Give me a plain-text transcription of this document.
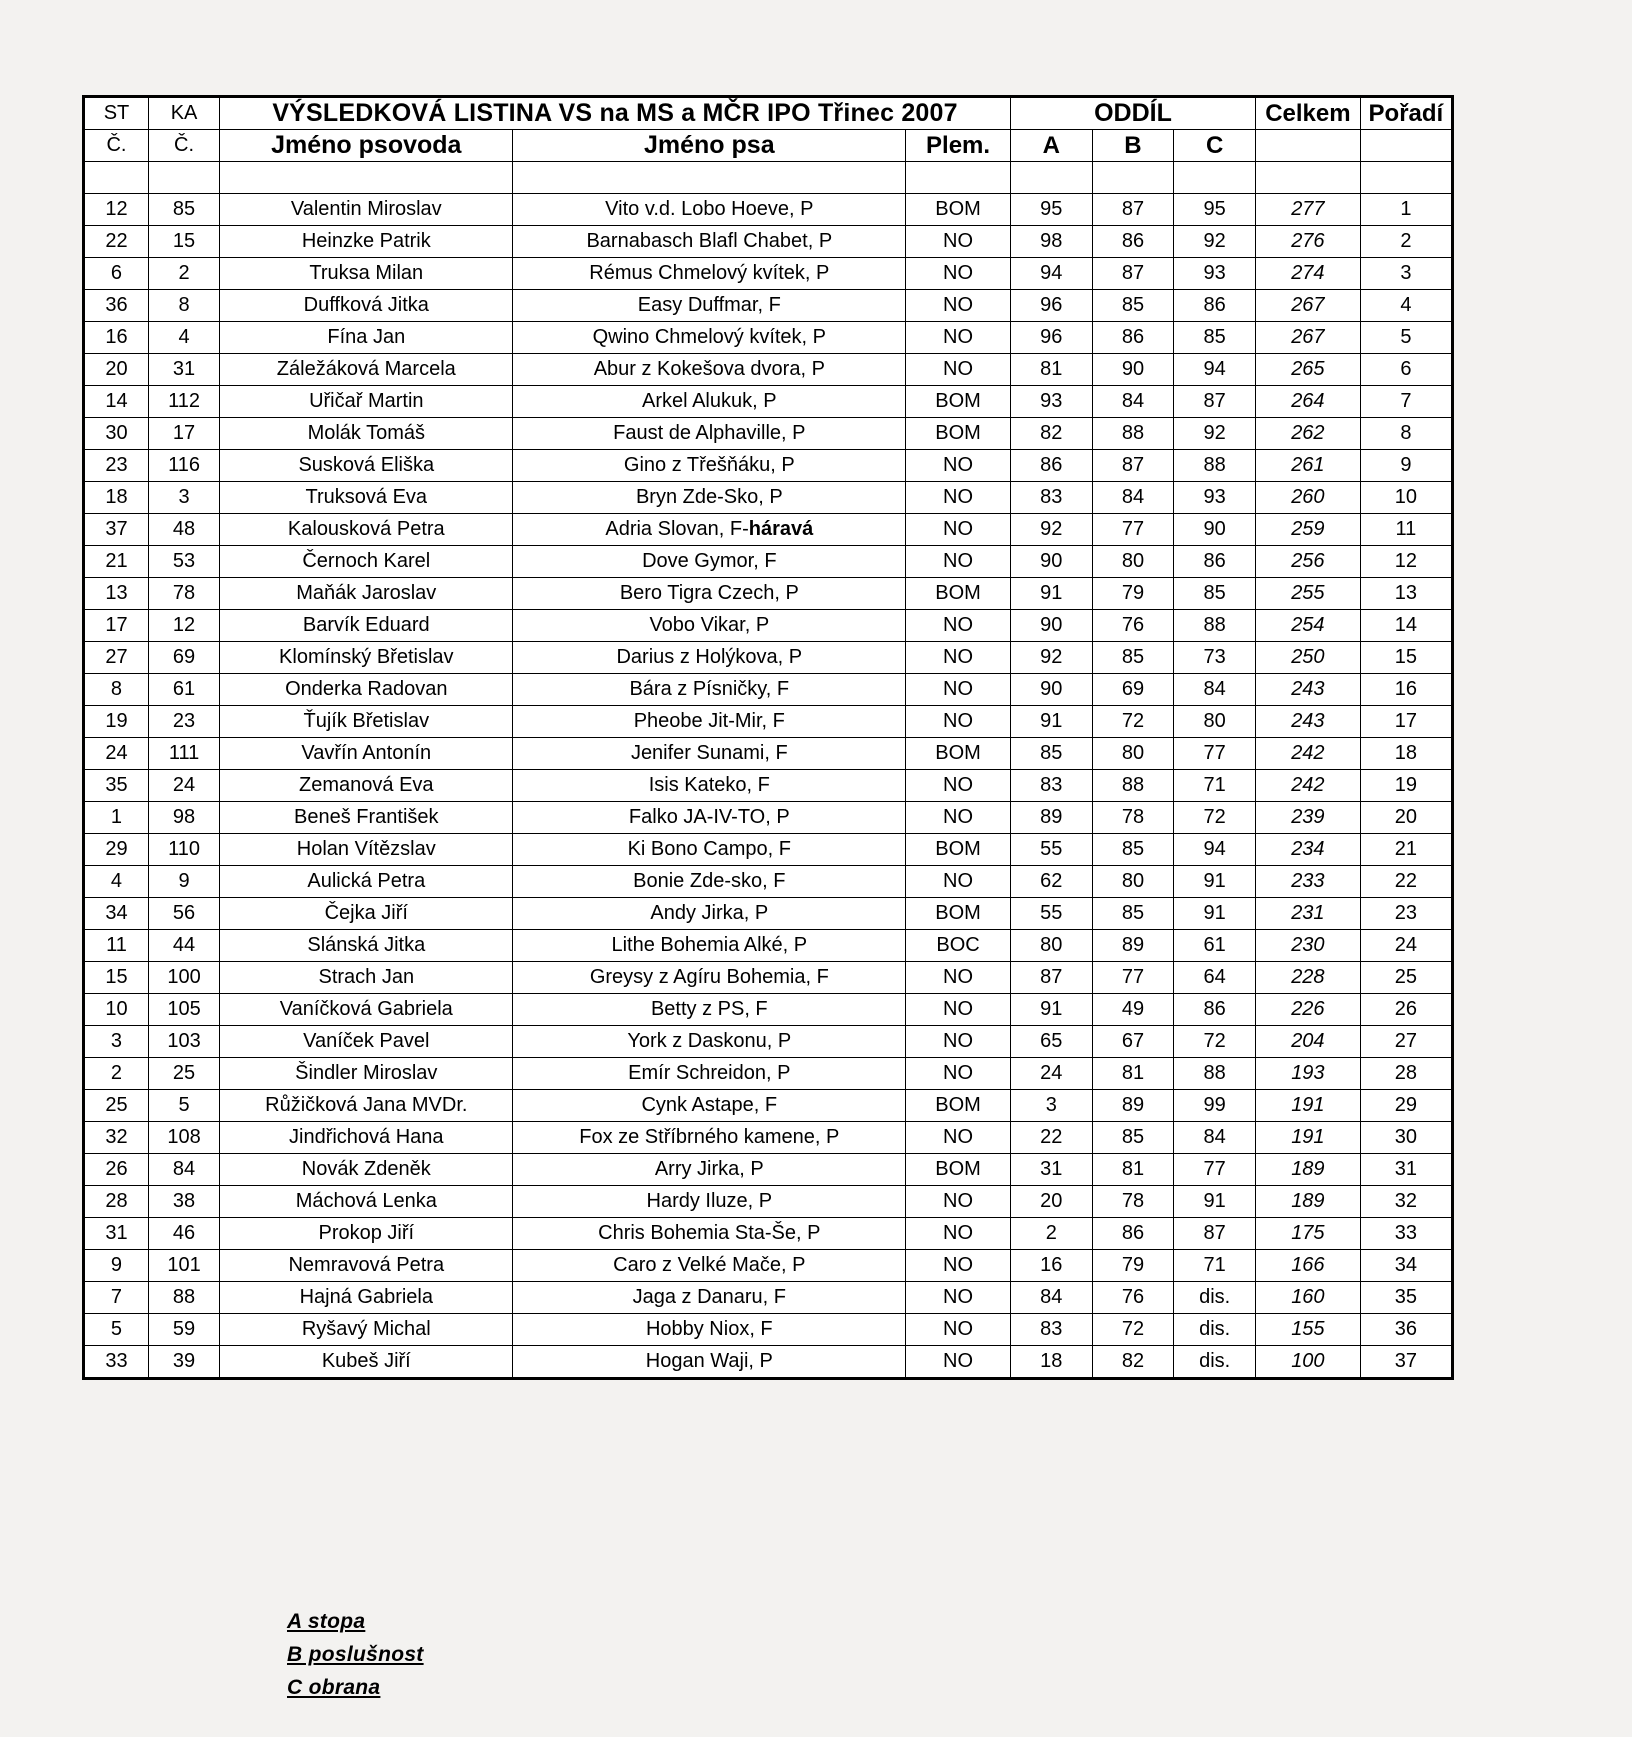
ST	KA	VÝSLEDKOVÁ LISTINA VS na MS a MČR IPO Třinec 2007			ODDÍL			Celkem	Pořadí
Č.	Č.	Jméno psovoda	Jméno psa	Plem.	A	B	C		

12	85	Valentin Miroslav	Vito v.d. Lobo Hoeve, P	BOM	95	87	95	277	1
22	15	Heinzke Patrik	Barnabasch Blafl Chabet, P	NO	98	86	92	276	2
6	2	Truksa Milan	Rémus Chmelový kvítek, P	NO	94	87	93	274	3
36	8	Duffková Jitka	Easy Duffmar, F	NO	96	85	86	267	4
16	4	Fína Jan	Qwino Chmelový kvítek, P	NO	96	86	85	267	5
20	31	Záležáková Marcela	Abur z Kokešova dvora, P	NO	81	90	94	265	6
14	112	Uřičař Martin	Arkel Alukuk, P	BOM	93	84	87	264	7
30	17	Molák Tomáš	Faust de Alphaville, P	BOM	82	88	92	262	8
23	116	Susková Eliška	Gino z Třešňáku, P	NO	86	87	88	261	9
18	3	Truksová Eva	Bryn Zde-Sko, P	NO	83	84	93	260	10
37	48	Kalousková Petra	Adria Slovan, F-háravá	NO	92	77	90	259	11
21	53	Černoch Karel	Dove Gymor, F	NO	90	80	86	256	12
13	78	Maňák Jaroslav	Bero Tigra Czech, P	BOM	91	79	85	255	13
17	12	Barvík Eduard	Vobo Vikar, P	NO	90	76	88	254	14
27	69	Klomínský Břetislav	Darius z Holýkova, P	NO	92	85	73	250	15
8	61	Onderka Radovan	Bára z Písničky, F	NO	90	69	84	243	16
19	23	Ťujík Břetislav	Pheobe Jit-Mir, F	NO	91	72	80	243	17
24	111	Vavřín Antonín	Jenifer Sunami, F	BOM	85	80	77	242	18
35	24	Zemanová Eva	Isis Kateko, F	NO	83	88	71	242	19
1	98	Beneš František	Falko JA-IV-TO, P	NO	89	78	72	239	20
29	110	Holan Vítězslav	Ki Bono Campo, F	BOM	55	85	94	234	21
4	9	Aulická Petra	Bonie Zde-sko, F	NO	62	80	91	233	22
34	56	Čejka Jiří	Andy Jirka, P	BOM	55	85	91	231	23
11	44	Slánská Jitka	Lithe Bohemia Alké, P	BOC	80	89	61	230	24
15	100	Strach Jan	Greysy z Agíru Bohemia, F	NO	87	77	64	228	25
10	105	Vaníčková Gabriela	Betty z PS, F	NO	91	49	86	226	26
3	103	Vaníček Pavel	York z Daskonu, P	NO	65	67	72	204	27
2	25	Šindler Miroslav	Emír Schreidon, P	NO	24	81	88	193	28
25	5	Růžičková Jana MVDr.	Cynk Astape, F	BOM	3	89	99	191	29
32	108	Jindřichová Hana	Fox ze Stříbrného kamene, P	NO	22	85	84	191	30
26	84	Novák Zdeněk	Arry Jirka, P	BOM	31	81	77	189	31
28	38	Máchová Lenka	Hardy Iluze, P	NO	20	78	91	189	32
31	46	Prokop Jiří	Chris Bohemia Sta-Še, P	NO	2	86	87	175	33
9	101	Nemravová Petra	Caro z Velké Mače, P	NO	16	79	71	166	34
7	88	Hajná Gabriela	Jaga z Danaru, F	NO	84	76	dis.	160	35
5	59	Ryšavý Michal	Hobby Niox, F	NO	83	72	dis.	155	36
33	39	Kubeš Jiří	Hogan Waji, P	NO	18	82	dis.	100	37
A stopa
B poslušnost
C obrana
